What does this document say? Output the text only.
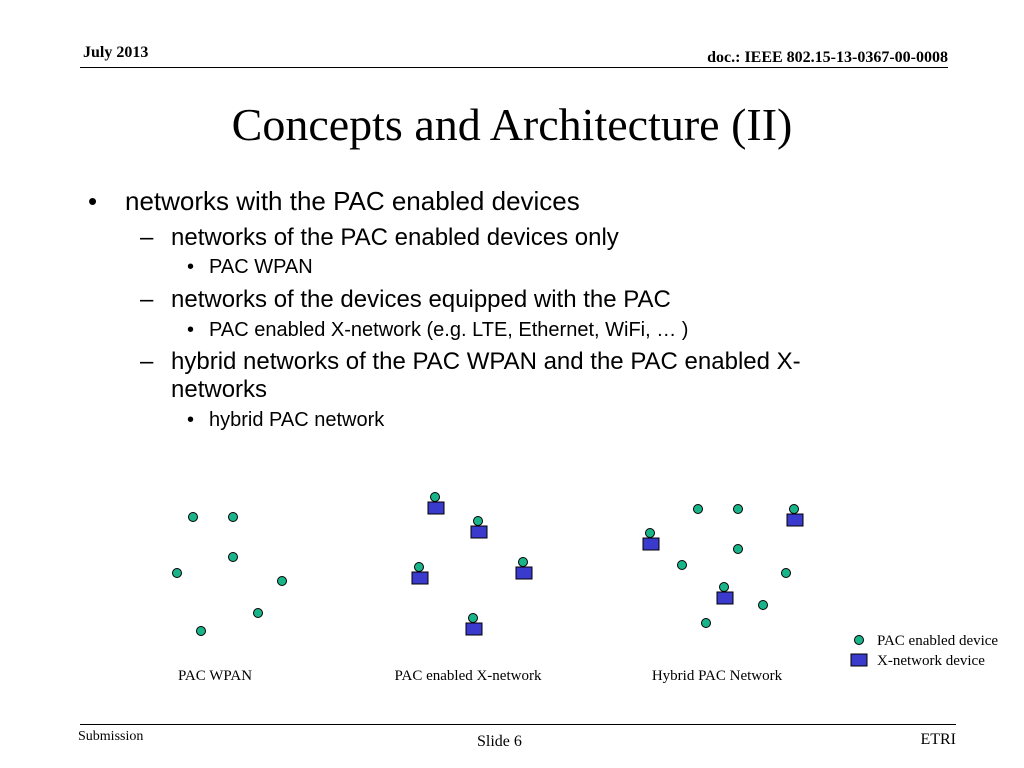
July 2013	doc.: IEEE 802.15-13-0367-00-0008
Concepts and Architecture (II)
• networks with the PAC enabled devices
– networks of the PAC enabled devices only
• PAC WPAN
– networks of the devices equipped with the PAC
• PAC enabled X-network (e.g. LTE, Ethernet, WiFi, … )
– hybrid networks of the PAC WPAN and the PAC enabled X-
networks
• hybrid PAC network
PAC WPAN	PAC enabled X-network	Hybrid PAC Network
PAC enabled device
X-network device
Submission	Slide 6	ETRI
